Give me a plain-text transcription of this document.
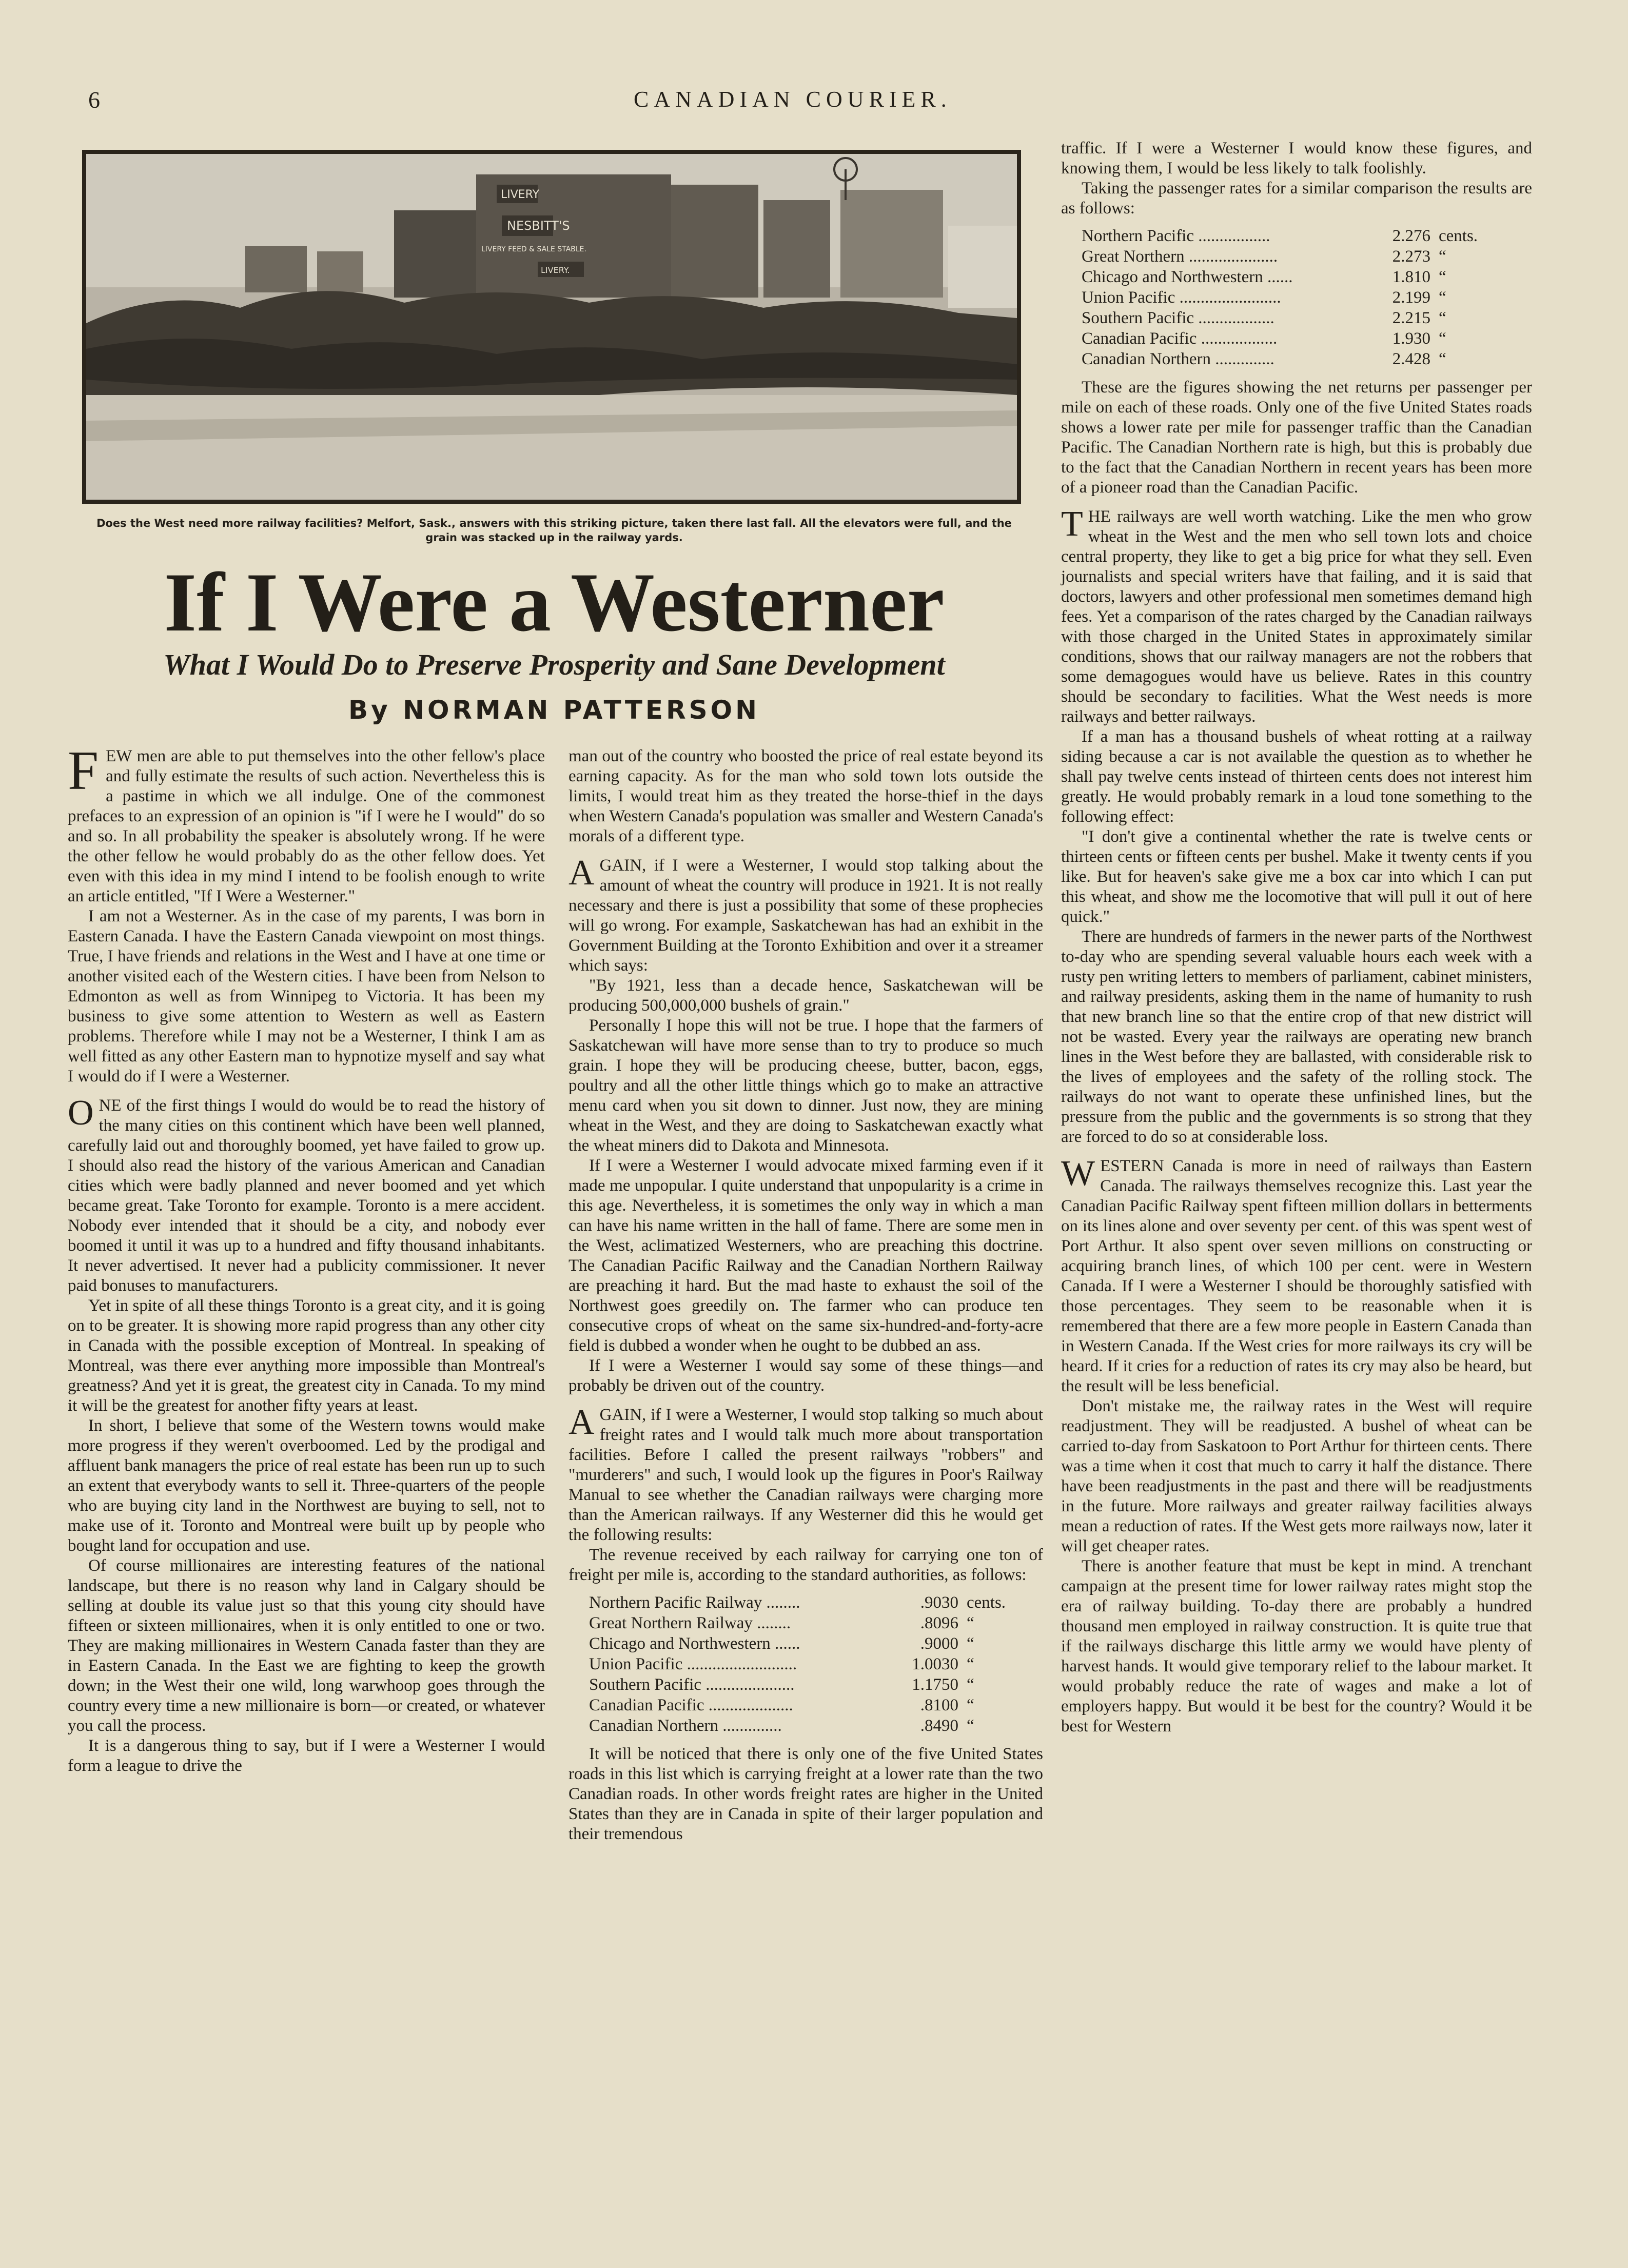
6	CANADIAN COURIER.
NESBITT'S
LIVERY
LIVERY FEED & SALE STABLE.
LIVERY.
Does the West need more railway facilities? Melfort, Sask., answers with this striking picture, taken there last fall. All the elevators were full, and the grain was stacked up in the railway yards.
If I Were a Westerner
What I Would Do to Preserve Prosperity and Sane Development
By NORMAN PATTERSON

FEW men are able to put themselves into the other fellow's place and fully estimate the results of such action. Nevertheless this is a pastime in which we all indulge. One of the commonest prefaces to an expression of an opinion is "if I were he I would" do so and so. In all probability the speaker is absolutely wrong. If he were the other fellow he would probably do as the other fellow does. Yet even with this idea in my mind I intend to be foolish enough to write an article entitled, "If I Were a Westerner."

I am not a Westerner. As in the case of my parents, I was born in Eastern Canada. I have the Eastern Canada viewpoint on most things. True, I have friends and relations in the West and I have at one time or another visited each of the Western cities. I have been from Nelson to Edmonton as well as from Winnipeg to Victoria. It has been my business to give some attention to Western as well as Eastern problems. Therefore while I may not be a Westerner, I think I am as well fitted as any other Eastern man to hypnotize myself and say what I would do if I were a Westerner.

ONE of the first things I would do would be to read the history of the many cities on this continent which have been well planned, carefully laid out and thoroughly boomed, yet have failed to grow up. I should also read the history of the various American and Canadian cities which were badly planned and never boomed and yet which became great. Take Toronto for example. Toronto is a mere accident. Nobody ever intended that it should be a city, and nobody ever boomed it until it was up to a hundred and fifty thousand inhabitants. It never advertised. It never had a publicity commissioner. It never paid bonuses to manufacturers.

Yet in spite of all these things Toronto is a great city, and it is going on to be greater. It is showing more rapid progress than any other city in Canada with the possible exception of Montreal. In speaking of Montreal, was there ever anything more impossible than Montreal's greatness? And yet it is great, the greatest city in Canada. To my mind it will be the greatest for another fifty years at least.

In short, I believe that some of the Western towns would make more progress if they weren't overboomed. Led by the prodigal and affluent bank managers the price of real estate has been run up to such an extent that everybody wants to sell it. Three-quarters of the people who are buying city land in the Northwest are buying to sell, not to make use of it. Toronto and Montreal were built up by people who bought land for occupation and use.

Of course millionaires are interesting features of the national landscape, but there is no reason why land in Calgary should be selling at double its value just so that this young city should have fifteen or sixteen millionaires, when it is only entitled to one or two. They are making millionaires in Western Canada faster than they are in Eastern Canada. In the East we are fighting to keep the growth down; in the West their one wild, long warwhoop goes through the country every time a new millionaire is born—or created, or whatever you call the process.

It is a dangerous thing to say, but if I were a Westerner I would form a league to drive the

man out of the country who boosted the price of real estate beyond its earning capacity. As for the man who sold town lots outside the limits, I would treat him as they treated the horse-thief in the days when Western Canada's population was smaller and Western Canada's morals of a different type.

AGAIN, if I were a Westerner, I would stop talking about the amount of wheat the country will produce in 1921. It is not really necessary and there is just a possibility that some of these prophecies will go wrong. For example, Saskatchewan has had an exhibit in the Government Building at the Toronto Exhibition and over it a streamer which says:

"By 1921, less than a decade hence, Saskatchewan will be producing 500,000,000 bushels of grain."

Personally I hope this will not be true. I hope that the farmers of Saskatchewan will have more sense than to try to produce so much grain. I hope they will be producing cheese, butter, bacon, eggs, poultry and all the other little things which go to make an attractive menu card when you sit down to dinner. Just now, they are mining wheat in the West, and they are doing to Saskatchewan exactly what the wheat miners did to Dakota and Minnesota.

If I were a Westerner I would advocate mixed farming even if it made me unpopular. I quite understand that unpopularity is a crime in this age. Nevertheless, it is sometimes the only way in which a man can have his name written in the hall of fame. There are some men in the West, aclimatized Westerners, who are preaching this doctrine. The Canadian Pacific Railway and the Canadian Northern Railway are preaching it hard. But the mad haste to exhaust the soil of the Northwest goes greedily on. The farmer who can produce ten consecutive crops of wheat on the same six-hundred-and-forty-acre field is dubbed a wonder when he ought to be dubbed an ass.

If I were a Westerner I would say some of these things—and probably be driven out of the country.

AGAIN, if I were a Westerner, I would stop talking so much about freight rates and I would talk much more about transportation facilities. Before I called the present railways "robbers" and "murderers" and such, I would look up the figures in Poor's Railway Manual to see whether the Canadian railways were charging more than the American railways. If any Westerner did this he would get the following results:

The revenue received by each railway for carrying one ton of freight per mile is, according to the standard authorities, as follows:

Northern Pacific Railway ........	.9030	cents.
Great Northern Railway ........	.8096	“
Chicago and Northwestern ......	.9000	“
Union Pacific ..........................	1.0030	“
Southern Pacific .....................	1.1750	“
Canadian Pacific ....................	.8100	“
Canadian Northern ..............	.8490	“

It will be noticed that there is only one of the five United States roads in this list which is carrying freight at a lower rate than the two Canadian roads. In other words freight rates are higher in the United States than they are in Canada in spite of their larger population and their tremendous

traffic. If I were a Westerner I would know these figures, and knowing them, I would be less likely to talk foolishly.

Taking the passenger rates for a similar comparison the results are as follows:

Northern Pacific .................	2.276	cents.
Great Northern .....................	2.273	“
Chicago and Northwestern ......	1.810	“
Union Pacific ........................	2.199	“
Southern Pacific ..................	2.215	“
Canadian Pacific ..................	1.930	“
Canadian Northern ..............	2.428	“

These are the figures showing the net returns per passenger per mile on each of these roads. Only one of the five United States roads shows a lower rate per mile for passenger traffic than the Canadian Pacific. The Canadian Northern rate is high, but this is probably due to the fact that the Canadian Northern in recent years has been more of a pioneer road than the Canadian Pacific.

THE railways are well worth watching. Like the men who grow wheat in the West and the men who sell town lots and choice central property, they like to get a big price for what they sell. Even journalists and special writers have that failing, and it is said that doctors, lawyers and other professional men sometimes demand high fees. Yet a comparison of the rates charged by the Canadian railways with those charged in the United States in approximately similar conditions, shows that our railway managers are not the robbers that some demagogues would have us believe. Rates in this country should be secondary to facilities. What the West needs is more railways and better railways.

If a man has a thousand bushels of wheat rotting at a railway siding because a car is not available the question as to whether he shall pay twelve cents instead of thirteen cents does not interest him greatly. He would probably remark in a loud tone something to the following effect:

"I don't give a continental whether the rate is twelve cents or thirteen cents or fifteen cents per bushel. Make it twenty cents if you like. But for heaven's sake give me a box car into which I can put this wheat, and show me the locomotive that will pull it out of here quick."

There are hundreds of farmers in the newer parts of the Northwest to-day who are spending several valuable hours each week with a rusty pen writing letters to members of parliament, cabinet ministers, and railway presidents, asking them in the name of humanity to rush that new branch line so that the entire crop of that new district will not be wasted. Every year the railways are operating new branch lines in the West before they are ballasted, with considerable risk to the lives of employees and the safety of the rolling stock. The railways do not want to operate these unfinished lines, but the pressure from the public and the governments is so strong that they are forced to do so at considerable loss.

WESTERN Canada is more in need of railways than Eastern Canada. The railways themselves recognize this. Last year the Canadian Pacific Railway spent fifteen million dollars in betterments on its lines alone and over seventy per cent. of this was spent west of Port Arthur. It also spent over seven millions on constructing or acquiring branch lines, of which 100 per cent. were in Western Canada. If I were a Westerner I should be thoroughly satisfied with those percentages. They seem to be reasonable when it is remembered that there are a few more people in Eastern Canada than in Western Canada. If the West cries for more railways its cry will be heard. If it cries for a reduction of rates its cry may also be heard, but the result will be less beneficial.

Don't mistake me, the railway rates in the West will require readjustment. They will be readjusted. A bushel of wheat can be carried to-day from Saskatoon to Port Arthur for thirteen cents. There was a time when it cost that much to carry it half the distance. There have been readjustments in the past and there will be readjustments in the future. More railways and greater railway facilities always mean a reduction of rates. If the West gets more railways now, later it will get cheaper rates.

There is another feature that must be kept in mind. A trenchant campaign at the present time for lower railway rates might stop the era of railway building. To-day there are probably a hundred thousand men employed in railway construction. It is quite true that if the railways discharge this little army we would have plenty of harvest hands. It would give temporary relief to the labour market. It would probably reduce the rate of wages and make a lot of employers happy. But would it be best for the country? Would it be best for Western
